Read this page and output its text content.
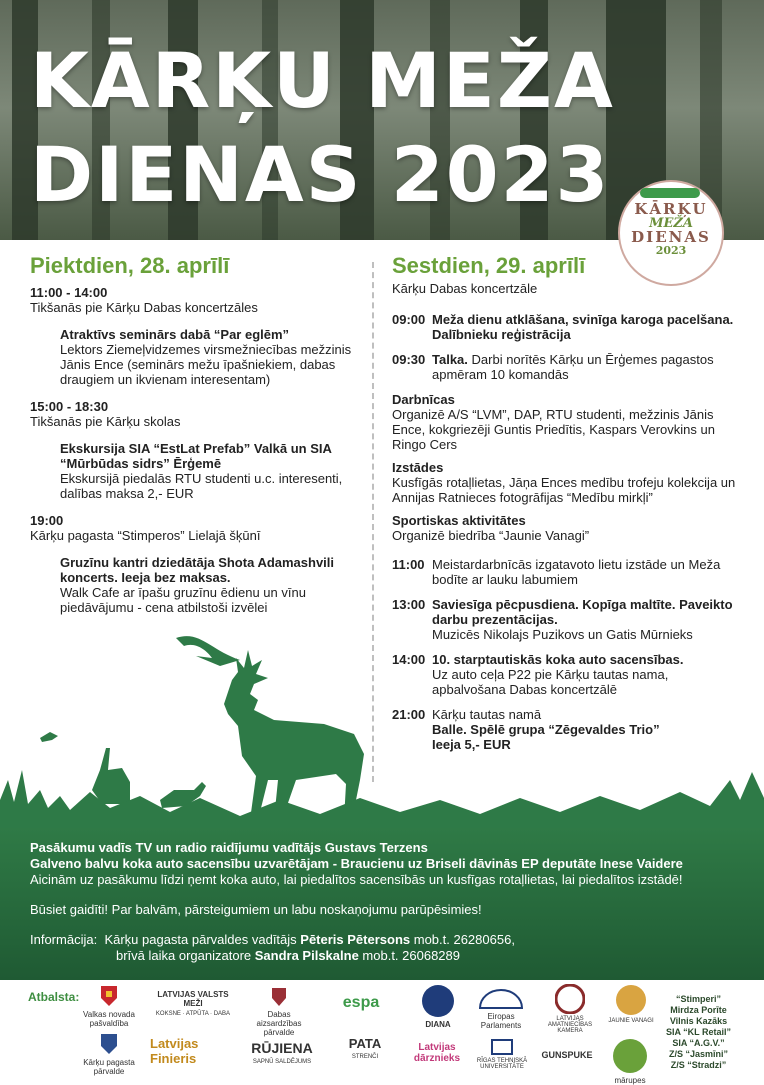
KĀRĶU MEŽA
DIENAS 2023	KĀRĶU
MEŽA
DIENAS
2023
Piektdien, 28. aprīlī
11:00 - 14:00
Tikšanās pie Kārķu Dabas koncertzāles
Atraktīvs seminārs dabā “Par eglēm”
Lektors Ziemeļvidzemes virsmežniecības mežzinis Jānis Ence (seminārs mežu īpašniekiem, dabas draugiem un ikvienam interesentam)
15:00 - 18:30
Tikšanās pie Kārķu skolas
Ekskursija SIA “EstLat Prefab” Valkā un SIA “Mūrbūdas sidrs” Ērģemē
Ekskursijā piedalās RTU studenti u.c. interesenti, dalības maksa 2,- EUR
19:00
Kārķu pagasta “Stimperos” Lielajā šķūnī
Gruzīnu kantri dziedātāja Shota Adamashvili koncerts. Ieeja bez maksas.
Walk Cafe ar īpašu gruzīnu ēdienu un vīnu piedāvājumu - cena atbilstoši izvēlei
Sestdien, 29. aprīlī
Kārķu Dabas koncertzāle
09:00 Meža dienu atklāšana, svinīga karoga pacelšana. Dalībnieku reģistrācija
09:30 Talka. Darbi norītēs Kārķu un Ērģemes pagastos apmēram 10 komandās
Darbnīcas
Organizē A/S “LVM”, DAP, RTU studenti, mežzinis Jānis Ence, kokgriezēji Guntis Priedītis, Kaspars Verovkins un Ringo Cers
Izstādes
Kusfīgās rotaļlietas, Jāņa Ences medību trofeju kolekcija un Annijas Ratnieces fotogrāfijas “Medību mirkļi”
Sportiskas aktivitātes
Organizē biedrība “Jaunie Vanagi”
11:00 Meistardarbnīcās izgatavoto lietu izstāde un Meža bodīte ar lauku labumiem
13:00 Saviesīga pēcpusdiena. Kopīga maltīte. Paveikto darbu prezentācijas.
Muzicēs Nikolajs Puzikovs un Gatis Mūrnieks
14:00 10. starptautiskās koka auto sacensības.
Uz auto ceļa P22 pie Kārķu tautas nama, apbalvošana Dabas koncertzālē
21:00 Kārķu tautas namā
Balle. Spēlē grupa “Zēgevaldes Trio”
Ieeja 5,- EUR

Pasākumu vadīs TV un radio raidījumu vadītājs Gustavs Terzens

Galveno balvu koka auto sacensību uzvarētājam - Braucienu uz Briseli dāvinās EP deputāte Inese Vaidere

Aicinām uz pasākumu līdzi ņemt koka auto, lai piedalītos sacensībās un kusfīgas rotaļlietas, lai piedalītos izstādē!

Būsiet gaidīti! Par balvām, pārsteigumiem un labu noskaņojumu parūpēsimies!

Informācija: Kārķu pagasta pārvaldes vadītājs Pēteris Pētersons mob.t. 26280656,

brīvā laika organizatore Sandra Pilskalne mob.t. 26068289

Atbalsta:
Valkas novada pašvaldība
LATVIJAS VALSTS MEŽI
KOKSNE · ATPŪTA · DABA	Dabas aizsardzības pārvalde
espa
DIANA
Eiropas Parlaments
LATVIJAS AMATNIECĪBAS KAMERA
JAUNIE VANAGI
Kārķu pagasta pārvalde
Latvijas Finieris
RŪJIENA
SAPNŪ SALDĒJUMS
PATA
STRENČI
Latvijas dārznieks	RĪGAS TEHNISKĀ UNIVERSITĀTE
GUNSPUKE
mārupes
“Stimperi”
Mirdza Porīte
Vilnis Kazāks
SIA “KL Retail”
SIA “A.G.V.”
Z/S “Jasmīni”
Z/S “Stradzi”
